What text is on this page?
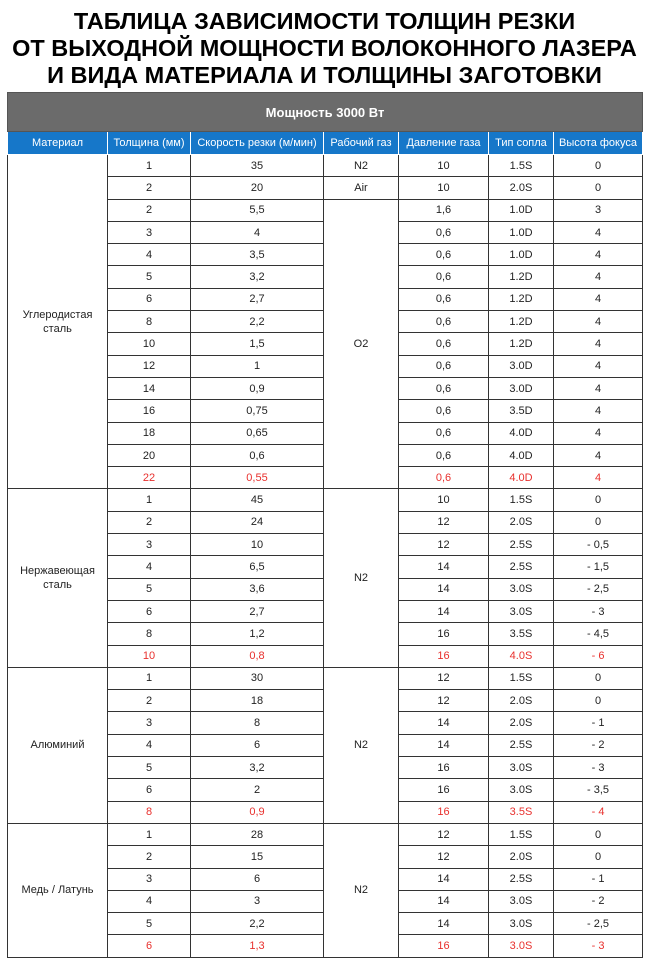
ТАБЛИЦА ЗАВИСИМОСТИ ТОЛЩИН РЕЗКИ
ОТ ВЫХОДНОЙ МОЩНОСТИ ВОЛОКОННОГО ЛАЗЕРА
И ВИДА МАТЕРИАЛА И ТОЛЩИНЫ ЗАГОТОВКИ
Мощность 3000 Вт						
Материал	Толщина (мм)	Скорость резки (м/мин)	Рабочий газ	Давление газа	Тип сопла	Высота фокуса

Углеродистая
сталь	1	35	N2	10	1.5S	0
	2	20	Air	10	2.0S	0
	2	5,5	O2	1,6	1.0D	3
	3	4		0,6	1.0D	4
	4	3,5		0,6	1.0D	4
	5	3,2		0,6	1.2D	4
	6	2,7		0,6	1.2D	4
	8	2,2		0,6	1.2D	4
	10	1,5		0,6	1.2D	4
	12	1		0,6	3.0D	4
	14	0,9		0,6	3.0D	4
	16	0,75		0,6	3.5D	4
	18	0,65		0,6	4.0D	4
	20	0,6		0,6	4.0D	4
	22	0,55		0,6	4.0D	4

Нержавеющая
сталь	1	45	N2	10	1.5S	0
	2	24		12	2.0S	0
	3	10		12	2.5S	- 0,5
	4	6,5		14	2.5S	- 1,5
	5	3,6		14	3.0S	- 2,5
	6	2,7		14	3.0S	- 3
	8	1,2		16	3.5S	- 4,5
	10	0,8		16	4.0S	- 6

Алюминий	1	30	N2	12	1.5S	0
	2	18		12	2.0S	0
	3	8		14	2.0S	- 1
	4	6		14	2.5S	- 2
	5	3,2		16	3.0S	- 3
	6	2		16	3.0S	- 3,5
	8	0,9		16	3.5S	- 4

Медь / Латунь	1	28	N2	12	1.5S	0
	2	15		12	2.0S	0
	3	6		14	2.5S	- 1
	4	3		14	3.0S	- 2
	5	2,2		14	3.0S	- 2,5
	6	1,3		16	3.0S	- 3
